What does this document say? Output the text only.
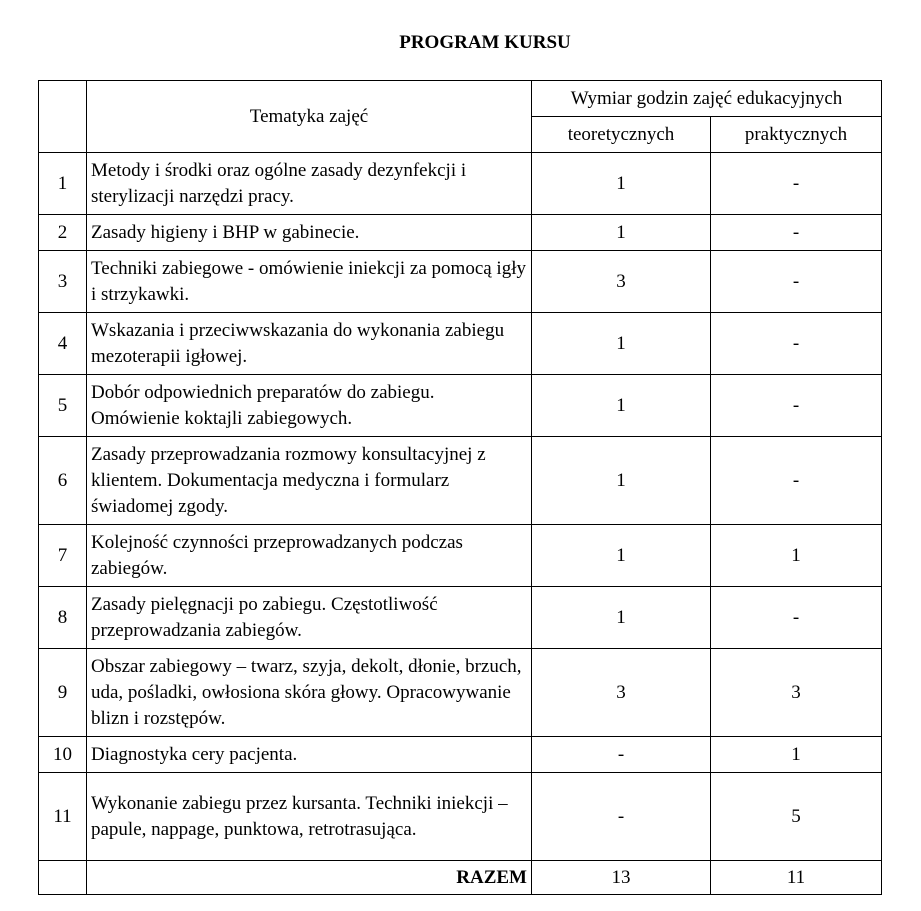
PROGRAM KURSU
	Tematyka zajęć	Wymiar godzin zajęć edukacyjnych	
		teoretycznych	praktycznych
1	Metody i środki oraz ogólne zasady dezynfekcji i sterylizacji narzędzi pracy.	1	-
2	Zasady higieny i BHP w gabinecie.	1	-
3	Techniki zabiegowe - omówienie iniekcji za pomocą igły i strzykawki.	3	-
4	Wskazania i przeciwwskazania do wykonania zabiegu mezoterapii igłowej.	1	-
5	Dobór odpowiednich preparatów do zabiegu. Omówienie koktajli zabiegowych.	1	-
6	Zasady przeprowadzania rozmowy konsultacyjnej z klientem. Dokumentacja medyczna i formularz świadomej zgody.	1	-
7	Kolejność czynności przeprowadzanych podczas zabiegów.	1	1
8	Zasady pielęgnacji po zabiegu. Częstotliwość przeprowadzania zabiegów.	1	-
9	Obszar zabiegowy – twarz, szyja, dekolt, dłonie, brzuch, uda, pośladki, owłosiona skóra głowy. Opracowywanie blizn i rozstępów.	3	3
10	Diagnostyka cery pacjenta.	-	1
11	Wykonanie zabiegu przez kursanta. Techniki iniekcji – papule, nappage, punktowa, retrotrasująca.	-	5
	RAZEM	13	11
